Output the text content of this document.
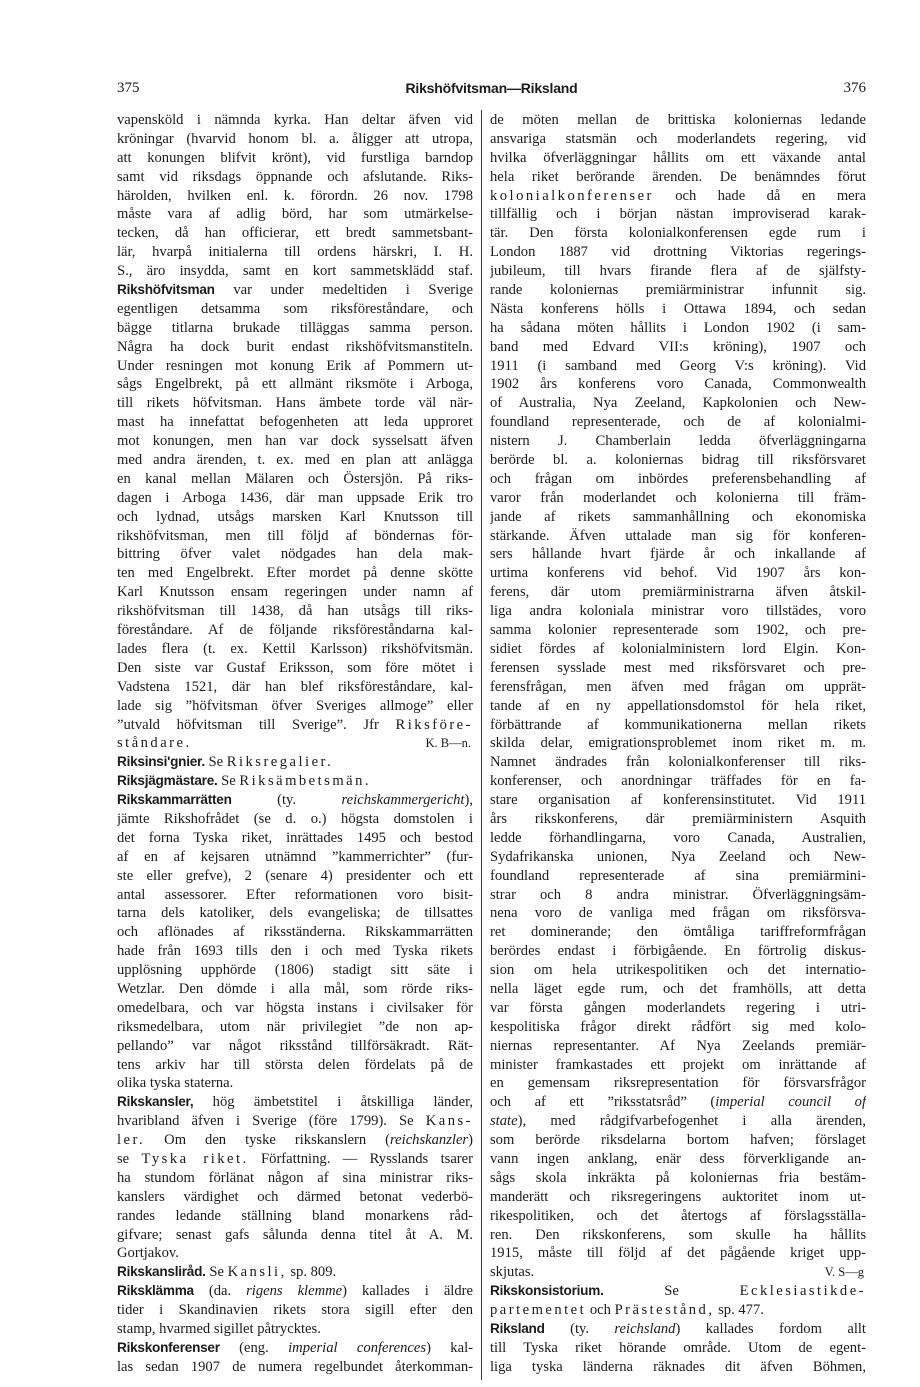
375	Rikshöfvitsman—Riksland	376
vapensköld i nämnda kyrka. Han deltar äfven vid
kröningar (hvarvid honom bl. a. åligger att utropa,
att konungen blifvit krönt), vid furstliga barndop
samt vid riksdags öppnande och afslutande. Riks-
härolden, hvilken enl. k. förordn. 26 nov. 1798
måste vara af adlig börd, har som utmärkelse-
tecken, då han officierar, ett bredt sammetsbant-
lär, hvarpå initialerna till ordens härskri, I. H.
S., äro insydda, samt en kort sammetsklädd staf.
Rikshöfvitsman var under medeltiden i Sverige
egentligen detsamma som riksföreståndare, och
bägge titlarna brukade tilläggas samma person.
Några ha dock burit endast rikshöfvitsmanstiteln.
Under resningen mot konung Erik af Pommern ut-
sågs Engelbrekt, på ett allmänt riksmöte i Arboga,
till rikets höfvitsman. Hans ämbete torde väl när-
mast ha innefattat befogenheten att leda upproret
mot konungen, men han var dock sysselsatt äfven
med andra ärenden, t. ex. med en plan att anlägga
en kanal mellan Mälaren och Östersjön. På riks-
dagen i Arboga 1436, där man uppsade Erik tro
och lydnad, utsågs marsken Karl Knutsson till
rikshöfvitsman, men till följd af böndernas för-
bittring öfver valet nödgades han dela mak-
ten med Engelbrekt. Efter mordet på denne skötte
Karl Knutsson ensam regeringen under namn af
rikshöfvitsman till 1438, då han utsågs till riks-
föreståndare. Af de följande riksföreståndarna kal-
lades flera (t. ex. Kettil Karlsson) rikshöfvitsmän.
Den siste var Gustaf Eriksson, som före mötet i
Vadstena 1521, där han blef riksföreståndare, kal-
lade sig ”höfvitsman öfver Sveriges allmoge” eller
”utvald höfvitsman till Sverige”. Jfr Riksföre-
ståndare.	K. B—n.
Riksinsi'gnier. Se Riksregalier.
Riksjägmästare. Se Riksämbetsmän.
Rikskammarrätten (ty. reichskammergericht),
jämte Rikshofrådet (se d. o.) högsta domstolen i
det forna Tyska riket, inrättades 1495 och bestod
af en af kejsaren utnämnd ”kammerrichter” (fur-
ste eller grefve), 2 (senare 4) presidenter och ett
antal assessorer. Efter reformationen voro bisit-
tarna dels katoliker, dels evangeliska; de tillsattes
och aflönades af riksständerna. Rikskammarrätten
hade från 1693 tills den i och med Tyska rikets
upplösning upphörde (1806) stadigt sitt säte i
Wetzlar. Den dömde i alla mål, som rörde riks-
omedelbara, och var högsta instans i civilsaker för
riksmedelbara, utom när privilegiet ”de non ap-
pellando” var något riksstånd tillförsäkradt. Rät-
tens arkiv har till största delen fördelats på de
olika tyska staterna.
Rikskansler, hög ämbetstitel i åtskilliga länder,
hvaribland äfven i Sverige (före 1799). Se Kans-
ler. Om den tyske rikskanslern (reichskanzler)
se Tyska riket. Författning. — Rysslands tsarer
ha stundom förlänat någon af sina ministrar riks-
kanslers värdighet och därmed betonat vederbö-
randes ledande ställning bland monarkens råd-
gifvare; senast gafs sålunda denna titel åt A. M.
Gortjakov.
Rikskansliråd. Se Kansli, sp. 809.
Riksklämma (da. rigens klemme) kallades i äldre
tider i Skandinavien rikets stora sigill efter den
stamp, hvarmed sigillet påtrycktes.
Rikskonferenser (eng. imperial conferences) kal-
las sedan 1907 de numera regelbundet återkomman-
de möten mellan de brittiska koloniernas ledande
ansvariga statsmän och moderlandets regering, vid
hvilka öfverläggningar hållits om ett växande antal
hela riket berörande ärenden. De benämndes förut
kolonialkonferenser och hade då en mera
tillfällig och i början nästan improviserad karak-
tär. Den första kolonialkonferensen egde rum i
London 1887 vid drottning Viktorias regerings-
jubileum, till hvars firande flera af de själfsty-
rande koloniernas premiärministrar infunnit sig.
Nästa konferens hölls i Ottawa 1894, och sedan
ha sådana möten hållits i London 1902 (i sam-
band med Edvard VII:s kröning), 1907 och
1911 (i samband med Georg V:s kröning). Vid
1902 års konferens voro Canada, Commonwealth
of Australia, Nya Zeeland, Kapkolonien och New-
foundland representerade, och de af kolonialmi-
nistern J. Chamberlain ledda öfverläggningarna
berörde bl. a. koloniernas bidrag till riksförsvaret
och frågan om inbördes preferensbehandling af
varor från moderlandet och kolonierna till främ-
jande af rikets sammanhållning och ekonomiska
stärkande. Äfven uttalade man sig för konferen-
sers hållande hvart fjärde år och inkallande af
urtima konferens vid behof. Vid 1907 års kon-
ferens, där utom premiärministrarna äfven åtskil-
liga andra koloniala ministrar voro tillstädes, voro
samma kolonier representerade som 1902, och pre-
sidiet fördes af kolonialministern lord Elgin. Kon-
ferensen sysslade mest med riksförsvaret och pre-
ferensfrågan, men äfven med frågan om upprät-
tande af en ny appellationsdomstol för hela riket,
förbättrande af kommunikationerna mellan rikets
skilda delar, emigrationsproblemet inom riket m. m.
Namnet ändrades från kolonialkonferenser till riks-
konferenser, och anordningar träffades för en fa-
stare organisation af konferensinstitutet. Vid 1911
års rikskonferens, där premiärministern Asquith
ledde förhandlingarna, voro Canada, Australien,
Sydafrikanska unionen, Nya Zeeland och New-
foundland representerade af sina premiärmini-
strar och 8 andra ministrar. Öfverläggningsäm-
nena voro de vanliga med frågan om riksförsva-
ret dominerande; den ömtåliga tariffreformfrågan
berördes endast i förbigående. En förtrolig diskus-
sion om hela utrikespolitiken och det internatio-
nella läget egde rum, och det framhölls, att detta
var första gången moderlandets regering i utri-
kespolitiska frågor direkt rådfört sig med kolo-
niernas representanter. Af Nya Zeelands premiär-
minister framkastades ett projekt om inrättande af
en gemensam riksrepresentation för försvarsfrågor
och af ett ”riksstatsråd” (imperial council of
state), med rådgifvarbefogenhet i alla ärenden,
som berörde riksdelarna bortom hafven; förslaget
vann ingen anklang, enär dess förverkligande an-
sågs skola inkräkta på koloniernas fria bestäm-
manderätt och riksregeringens auktoritet inom ut-
rikespolitiken, och det återtogs af förslagsställa-
ren. Den rikskonferens, som skulle ha hållits
1915, måste till följd af det pågående kriget upp-
skjutas.	V. S—g
Rikskonsistorium. Se Ecklesiastikde-
partementet och Prästestånd, sp. 477.
Riksland (ty. reichsland) kallades fordom allt
till Tyska riket hörande område. Utom de egent-
liga tyska länderna räknades dit äfven Böhmen,
